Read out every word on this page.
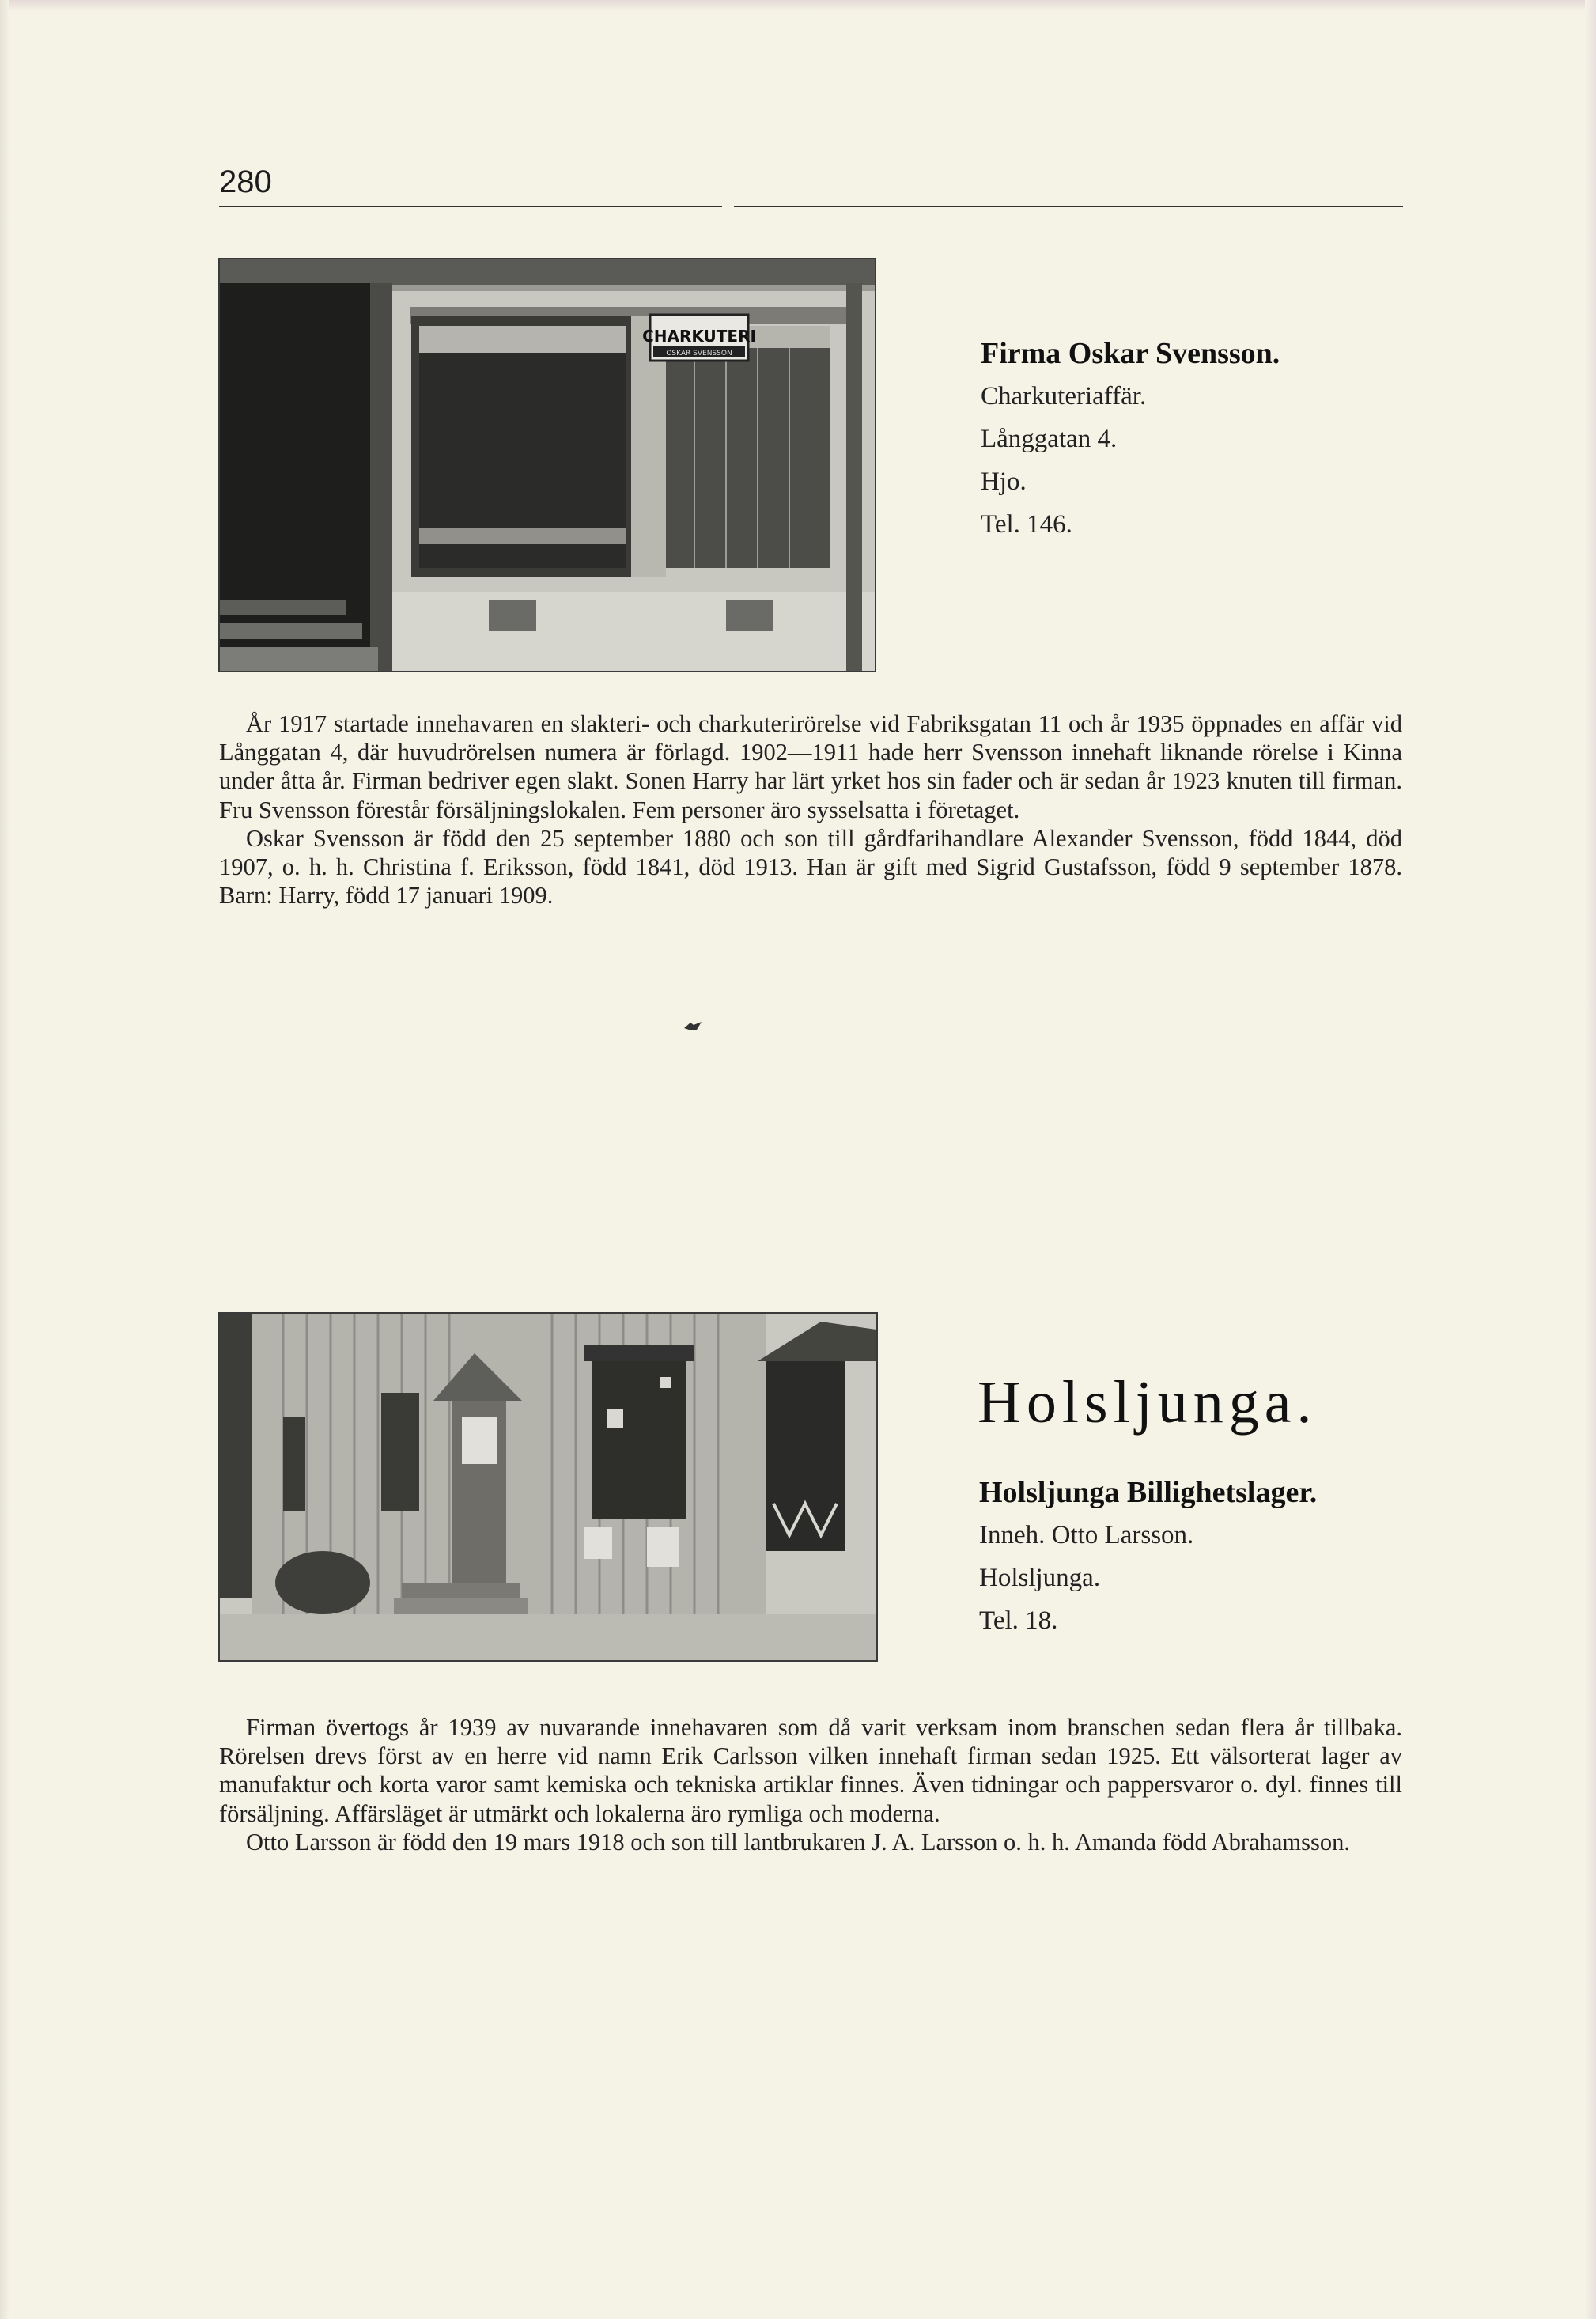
280
CHARKUTERI
OSKAR SVENSSON	Firma Oskar Svensson.
Charkuteriaffär.
Långgatan 4.
Hjo.
Tel. 146.

År 1917 startade innehavaren en slakteri- och charkuterirörelse vid Fabriksgatan 11 och år 1935 öppnades en affär vid Långgatan 4, där huvudrörelsen numera är förlagd. 1902—1911 hade herr Svensson innehaft liknande rörelse i Kinna under åtta år. Firman bedriver egen slakt. Sonen Harry har lärt yrket hos sin fader och är sedan år 1923 knuten till firman. Fru Svensson förestår försäljningslokalen. Fem personer äro sysselsatta i företaget.

Oskar Svensson är född den 25 september 1880 och son till gårdfarihandlare Alexander Svensson, född 1844, död 1907, o. h. h. Christina f. Eriksson, född 1841, död 1913. Han är gift med Sigrid Gustafsson, född 9 september 1878. Barn: Harry, född 17 januari 1909.

Holsljunga.
Holsljunga Billighetslager.
Inneh. Otto Larsson.
Holsljunga.
Tel. 18.

Firman övertogs år 1939 av nuvarande innehavaren som då varit verksam inom branschen sedan flera år tillbaka. Rörelsen drevs först av en herre vid namn Erik Carlsson vilken innehaft firman sedan 1925. Ett välsorterat lager av manufaktur och korta varor samt kemiska och tekniska artiklar finnes. Även tidningar och pappersvaror o. dyl. finnes till försäljning. Affärsläget är utmärkt och lokalerna äro rymliga och moderna.

Otto Larsson är född den 19 mars 1918 och son till lantbrukaren J. A. Larsson o. h. h. Amanda född Abrahamsson.
